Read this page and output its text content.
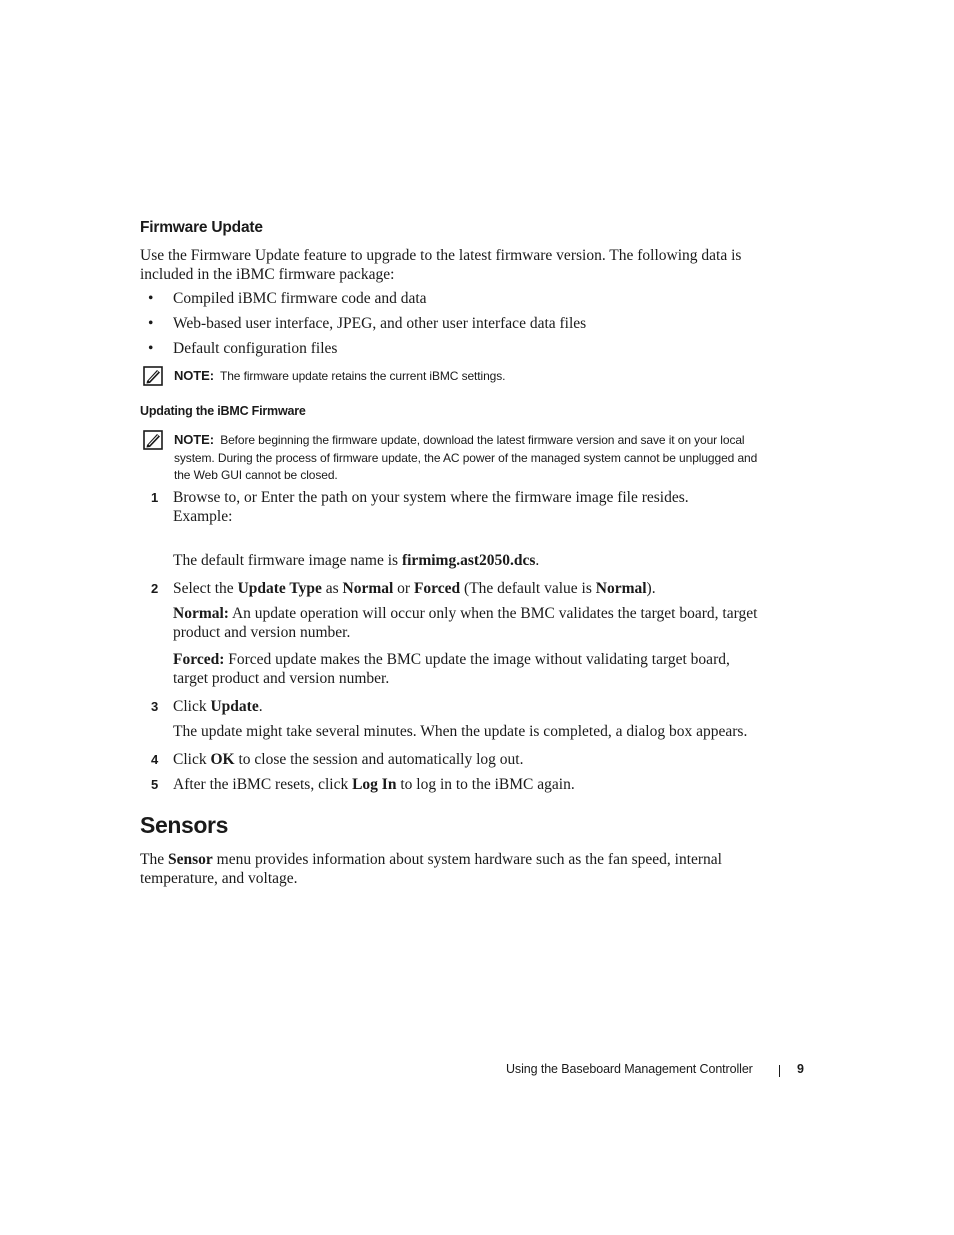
Firmware Update
Use the Firmware Update feature to upgrade to the latest firmware version. The following data is included in the iBMC firmware package:
• Compiled iBMC firmware code and data
• Web-based user interface, JPEG, and other user interface data files
• Default configuration files
NOTE: The firmware update retains the current iBMC settings.
Updating the iBMC Firmware
NOTE: Before beginning the firmware update, download the latest firmware version and save it on your local system. During the process of firmware update, the AC power of the managed system cannot be unplugged and the Web GUI cannot be closed.
1 Browse to, or Enter the path on your system where the firmware image file resides.
Example:
The default firmware image name is firmimg.ast2050.dcs.
2 Select the Update Type as Normal or Forced (The default value is Normal).
Normal: An update operation will occur only when the BMC validates the target board, target product and version number.
Forced: Forced update makes the BMC update the image without validating target board, target product and version number.
3 Click Update.
The update might take several minutes. When the update is completed, a dialog box appears.
4 Click OK to close the session and automatically log out.
5 After the iBMC resets, click Log In to log in to the iBMC again.
Sensors
The Sensor menu provides information about system hardware such as the fan speed, internal temperature, and voltage.
Using the Baseboard Management Controller	9
